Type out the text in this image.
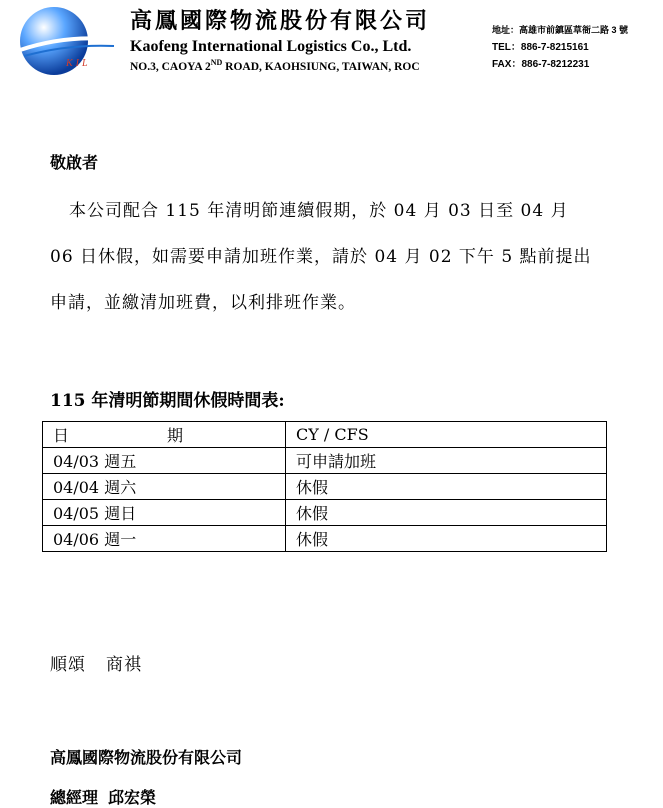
KIL
高鳳國際物流股份有限公司
Kaofeng International Logistics Co., Ltd.
NO.3, CAOYA 2ND ROAD, KAOHSIUNG, TAIWAN, ROC
地址：高雄市前鎮區草衙二路 3 號
TEL：886-7-8215161
FAX：886-7-8212231
敬啟者
本公司配合 115 年清明節連續假期，於 04 月 03 日至 04 月 06 日休假，如需要申請加班作業，請於 04 月 02 下午 5 點前提出申請，並繳清加班費，以利排班作業。
115 年清明節期間休假時間表:
日 期	CY / CFS
04/03 週五	可申請加班
04/04 週六	休假
04/05 週日	休假
04/06 週一	休假
順頌 商祺
高鳳國際物流股份有限公司
總經理 邱宏榮
